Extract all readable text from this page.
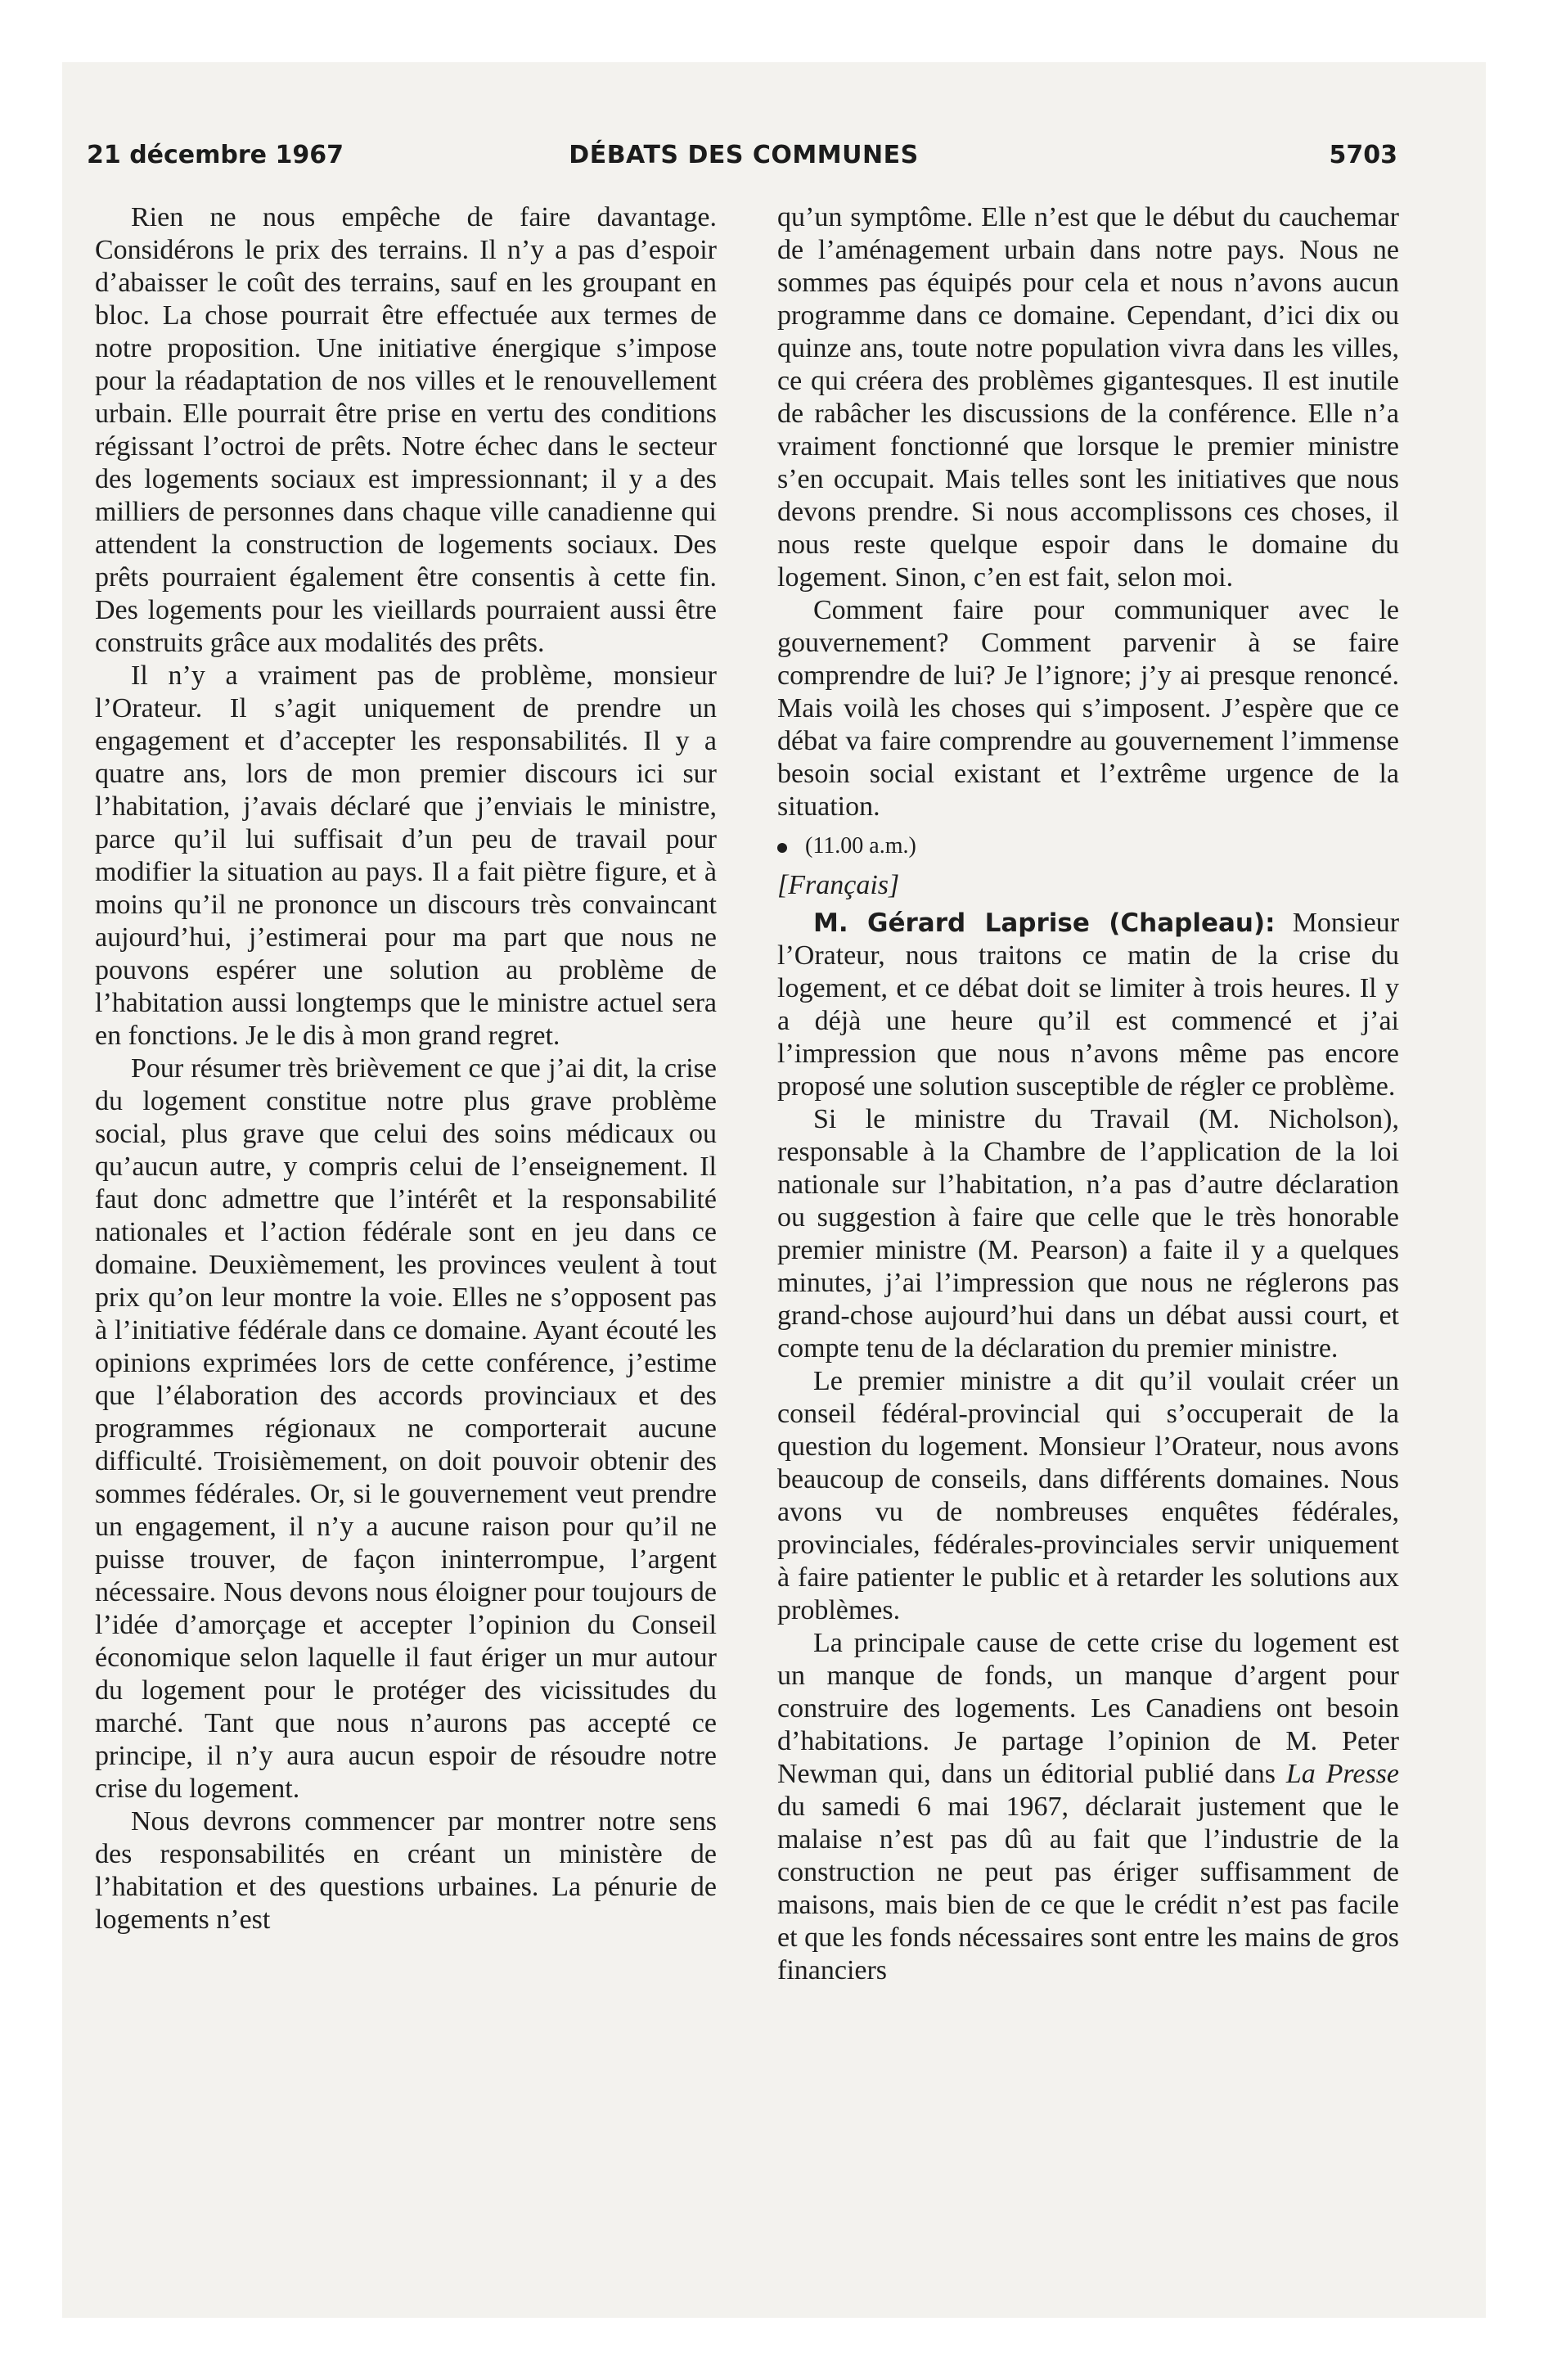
21 décembre 1967	DÉBATS DES COMMUNES	5703

Rien ne nous empêche de faire davantage. Considérons le prix des terrains. Il n’y a pas d’espoir d’abaisser le coût des terrains, sauf en les groupant en bloc. La chose pourrait être effectuée aux termes de notre proposition. Une initiative énergique s’impose pour la réadaptation de nos villes et le renouvellement urbain. Elle pourrait être prise en vertu des conditions régissant l’octroi de prêts. Notre échec dans le secteur des logements sociaux est impressionnant; il y a des milliers de personnes dans chaque ville canadienne qui attendent la construction de logements sociaux. Des prêts pourraient également être consentis à cette fin. Des logements pour les vieillards pourraient aussi être construits grâce aux modalités des prêts.

Il n’y a vraiment pas de problème, monsieur l’Orateur. Il s’agit uniquement de prendre un engagement et d’accepter les responsabilités. Il y a quatre ans, lors de mon premier discours ici sur l’habitation, j’avais déclaré que j’enviais le ministre, parce qu’il lui suffisait d’un peu de travail pour modifier la situation au pays. Il a fait piètre figure, et à moins qu’il ne prononce un discours très convaincant aujourd’hui, j’estimerai pour ma part que nous ne pouvons espérer une solution au problème de l’habitation aussi longtemps que le ministre actuel sera en fonctions. Je le dis à mon grand regret.

Pour résumer très brièvement ce que j’ai dit, la crise du logement constitue notre plus grave problème social, plus grave que celui des soins médicaux ou qu’aucun autre, y compris celui de l’enseignement. Il faut donc admettre que l’intérêt et la responsabilité nationales et l’action fédérale sont en jeu dans ce domaine. Deuxièmement, les provinces veulent à tout prix qu’on leur montre la voie. Elles ne s’opposent pas à l’initiative fédérale dans ce domaine. Ayant écouté les opinions exprimées lors de cette conférence, j’estime que l’élaboration des accords provinciaux et des programmes régionaux ne comporterait aucune difficulté. Troisièmement, on doit pouvoir obtenir des sommes fédérales. Or, si le gouvernement veut prendre un engagement, il n’y a aucune raison pour qu’il ne puisse trouver, de façon ininterrompue, l’argent nécessaire. Nous devons nous éloigner pour toujours de l’idée d’amorçage et accepter l’opinion du Conseil économique selon laquelle il faut ériger un mur autour du logement pour le protéger des vicissitudes du marché. Tant que nous n’aurons pas accepté ce principe, il n’y aura aucun espoir de résoudre notre crise du logement.

Nous devrons commencer par montrer notre sens des responsabilités en créant un ministère de l’habitation et des questions urbaines. La pénurie de logements n’est

qu’un symptôme. Elle n’est que le début du cauchemar de l’aménagement urbain dans notre pays. Nous ne sommes pas équipés pour cela et nous n’avons aucun programme dans ce domaine. Cependant, d’ici dix ou quinze ans, toute notre population vivra dans les villes, ce qui créera des problèmes gigantesques. Il est inutile de rabâcher les discussions de la conférence. Elle n’a vraiment fonctionné que lorsque le premier ministre s’en occupait. Mais telles sont les initiatives que nous devons prendre. Si nous accomplissons ces choses, il nous reste quelque espoir dans le domaine du logement. Sinon, c’en est fait, selon moi.

Comment faire pour communiquer avec le gouvernement? Comment parvenir à se faire comprendre de lui? Je l’ignore; j’y ai presque renoncé. Mais voilà les choses qui s’imposent. J’espère que ce débat va faire comprendre au gouvernement l’immense besoin social existant et l’extrême urgence de la situation.

(11.00 a.m.)

[Français]

M. Gérard Laprise (Chapleau): Monsieur l’Orateur, nous traitons ce matin de la crise du logement, et ce débat doit se limiter à trois heures. Il y a déjà une heure qu’il est commencé et j’ai l’impression que nous n’avons même pas encore proposé une solution susceptible de régler ce problème.

Si le ministre du Travail (M. Nicholson), responsable à la Chambre de l’application de la loi nationale sur l’habitation, n’a pas d’autre déclaration ou suggestion à faire que celle que le très honorable premier ministre (M. Pearson) a faite il y a quelques minutes, j’ai l’impression que nous ne réglerons pas grand-chose aujourd’hui dans un débat aussi court, et compte tenu de la déclaration du premier ministre.

Le premier ministre a dit qu’il voulait créer un conseil fédéral-provincial qui s’occuperait de la question du logement. Monsieur l’Orateur, nous avons beaucoup de conseils, dans différents domaines. Nous avons vu de nombreuses enquêtes fédérales, provinciales, fédérales-provinciales servir uniquement à faire patienter le public et à retarder les solutions aux problèmes.

La principale cause de cette crise du logement est un manque de fonds, un manque d’argent pour construire des logements. Les Canadiens ont besoin d’habitations. Je partage l’opinion de M. Peter Newman qui, dans un éditorial publié dans La Presse du samedi 6 mai 1967, déclarait justement que le malaise n’est pas dû au fait que l’industrie de la construction ne peut pas ériger suffisamment de maisons, mais bien de ce que le crédit n’est pas facile et que les fonds nécessaires sont entre les mains de gros financiers
